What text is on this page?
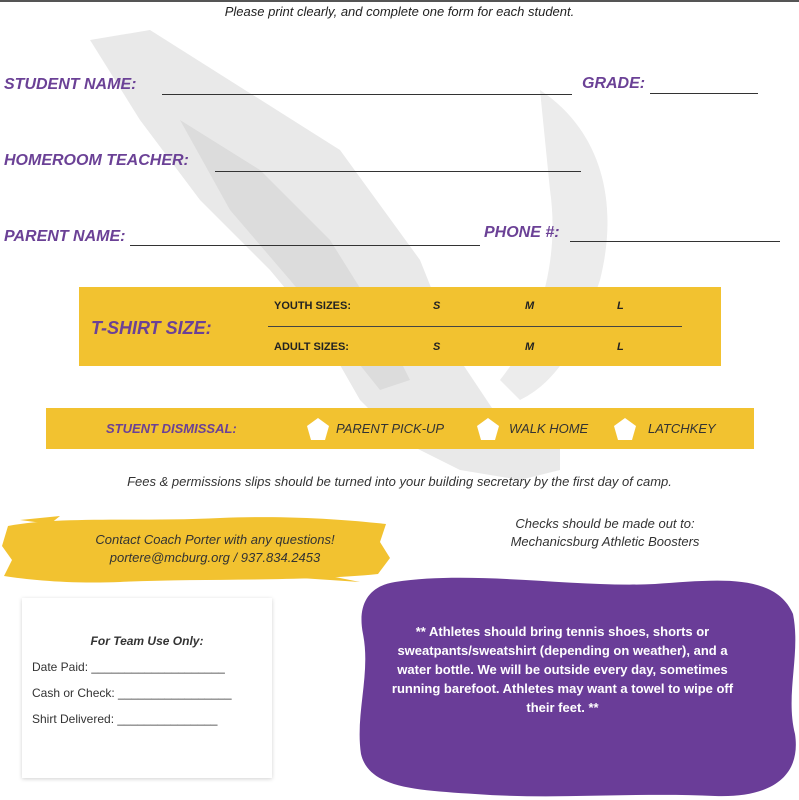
Please print clearly, and complete one form for each student.
STUDENT NAME:	GRADE:
HOMEROOM TEACHER:
PARENT NAME:	PHONE #:
T-SHIRT SIZE:
YOUTH SIZES:	S	M	L
ADULT SIZES:	S	M	L
STUENT DISMISSAL:	PARENT PICK-UP	WALK HOME	LATCHKEY
Fees & permissions slips should be turned into your building secretary by the first day of camp.
Contact Coach Porter with any questions!
portere@mcburg.org / 937.834.2453
Checks should be made out to:
Mechanicsburg Athletic Boosters
For Team Use Only:
Date Paid: ____________________
Cash or Check: _________________
Shirt Delivered: _______________
** Athletes should bring tennis shoes, shorts or sweatpants/sweatshirt (depending on weather), and a water bottle. We will be outside every day, sometimes running barefoot. Athletes may want a towel to wipe off their feet. **
